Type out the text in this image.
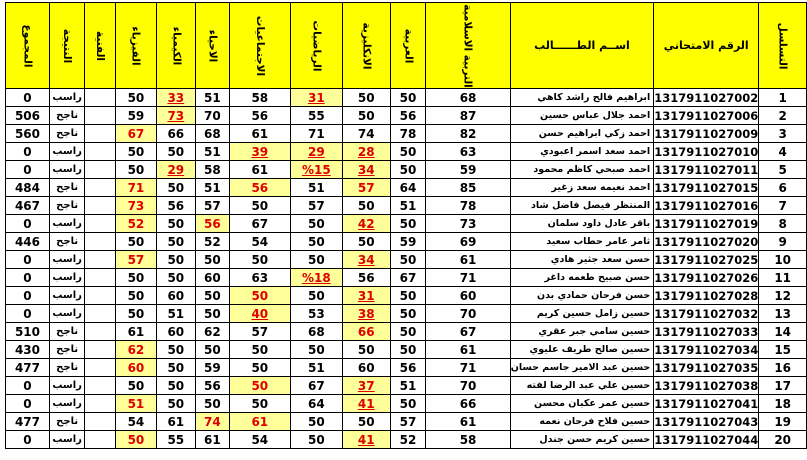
التسلسل	الرقم الامتحاني	اســم الطــــــالب	التربية الاسلامية	العربية	الانكليزية	الرياضيات	الاجتماعيات	الاحياء	الكيمياء	الفيزياء	الفنية	النتيجة	المجموع
1	1317911027002	ابراهيم فالح راشد كاهي	68	50	50	31	58	51	33	50		راسب	0
2	1317911027006	احمد جلال عباس حسين	87	56	50	55	56	70	73	59		ناجح	506
3	1317911027009	احمد زكي ابراهيم حسن	82	78	74	71	61	68	66	67		ناجح	560
4	1317911027010	احمد سعد اسمر اعبودي	63	50	28	29	39	51	50	50		راسب	0
5	1317911027011	احمد صبحي كاظم محمود	59	50	34	%15	61	58	29	50		راسب	0
6	1317911027015	احمد نعيمه سعد زغير	85	64	57	51	56	51	50	71		ناجح	484
7	1317911027016	المنتظر فيصل فاضل شاد	78	51	50	57	50	57	56	73		ناجح	467
8	1317911027019	باقر عادل داود سلمان	73	50	42	50	67	56	50	52		راسب	0
9	1317911027020	ثامر عامر حطاب سعيد	69	59	50	50	54	52	50	50		ناجح	446
10	1317911027025	حسن سعد جثير هادي	61	50	34	50	50	50	50	57		راسب	0
11	1317911027026	حسن صبيح طعمه داغر	71	67	56	%18	63	60	50	50		راسب	0
12	1317911027028	حسن فرحان حمادي بدن	60	50	31	50	50	50	60	50		راسب	0
13	1317911027032	حسين زامل حسين كريم	70	50	38	53	40	50	51	50		راسب	0
14	1317911027033	حسين سامي جبر عقري	67	50	66	68	57	62	60	61		ناجح	510
15	1317911027034	حسين صالح طريف عليوي	61	50	50	50	50	50	50	62		ناجح	430
16	1317911027035	حسين عبد الامير جاسم حسان	71	56	60	51	50	59	50	60		ناجح	477
17	1317911027038	حسين علي عبد الرضا لفته	70	51	37	67	50	56	50	50		راسب	0
18	1317911027041	حسين عمر عكبان محسن	66	50	41	64	50	50	50	51		راسب	0
19	1317911027043	حسين فلاح فرحان نعمه	61	57	50	50	61	74	61	54		ناجح	477
20	1317911027044	حسين كريم حسن جندل	58	52	41	50	54	61	55	50		راسب	0
